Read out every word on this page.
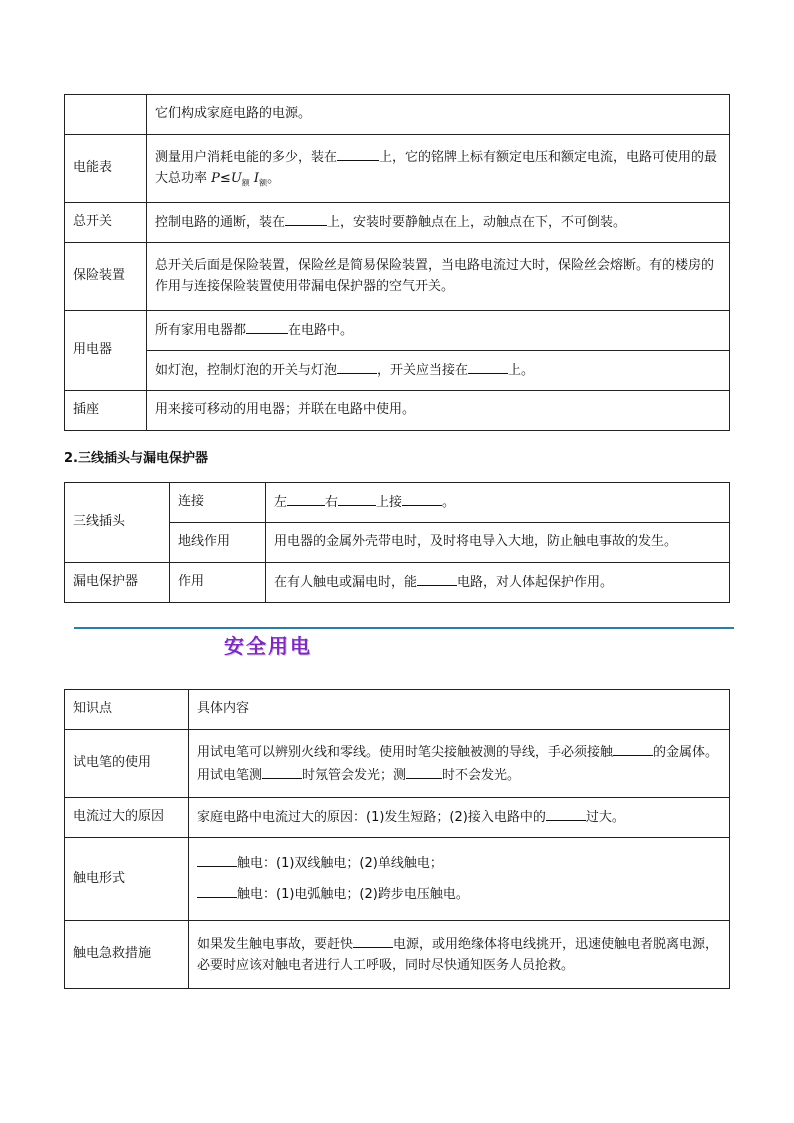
	它们构成家庭电路的电源。
电能表	测量用户消耗电能的多少，装在 上，它的铭牌上标有额定电压和额定电流，电路可使用的最大总功率 $P\le U_额$ $I_额$。
总开关	控制电路的通断，装在 上，安装时要静触点在上，动触点在下，不可倒装。
保险装置	总开关后面是保险装置，保险丝是简易保险装置，当电路电流过大时，保险丝会熔断。有的楼房的作用与连接保险装置使用带漏电保护器的空气开关。
用电器	所有家用电器都 在电路中。
	如灯泡，控制灯泡的开关与灯泡 ，开关应当接在 上。
插座	用来接可移动的用电器；并联在电路中使用。
2.三线插头与漏电保护器
三线插头	连接	左 右 上接 。
	地线作用	用电器的金属外壳带电时，及时将电导入大地，防止触电事故的发生。
漏电保护器	作用	在有人触电或漏电时，能 电路，对人体起保护作用。
安全用电
知识点	具体内容
试电笔的使用	用试电笔可以辨别火线和零线。使用时笔尖接触被测的导线，手必须接触 的金属体。用试电笔测 时氖管会发光；测 时不会发光。
电流过大的原因	家庭电路中电流过大的原因：(1)发生短路；(2)接入电路中的 过大。
触电形式	触电：(1)双线触电；(2)单线触电；
触电：(1)电弧触电；(2)跨步电压触电。

触电急救措施	如果发生触电事故，要赶快 电源，或用绝缘体将电线挑开，迅速使触电者脱离电源，必要时应该对触电者进行人工呼吸，同时尽快通知医务人员抢救。
